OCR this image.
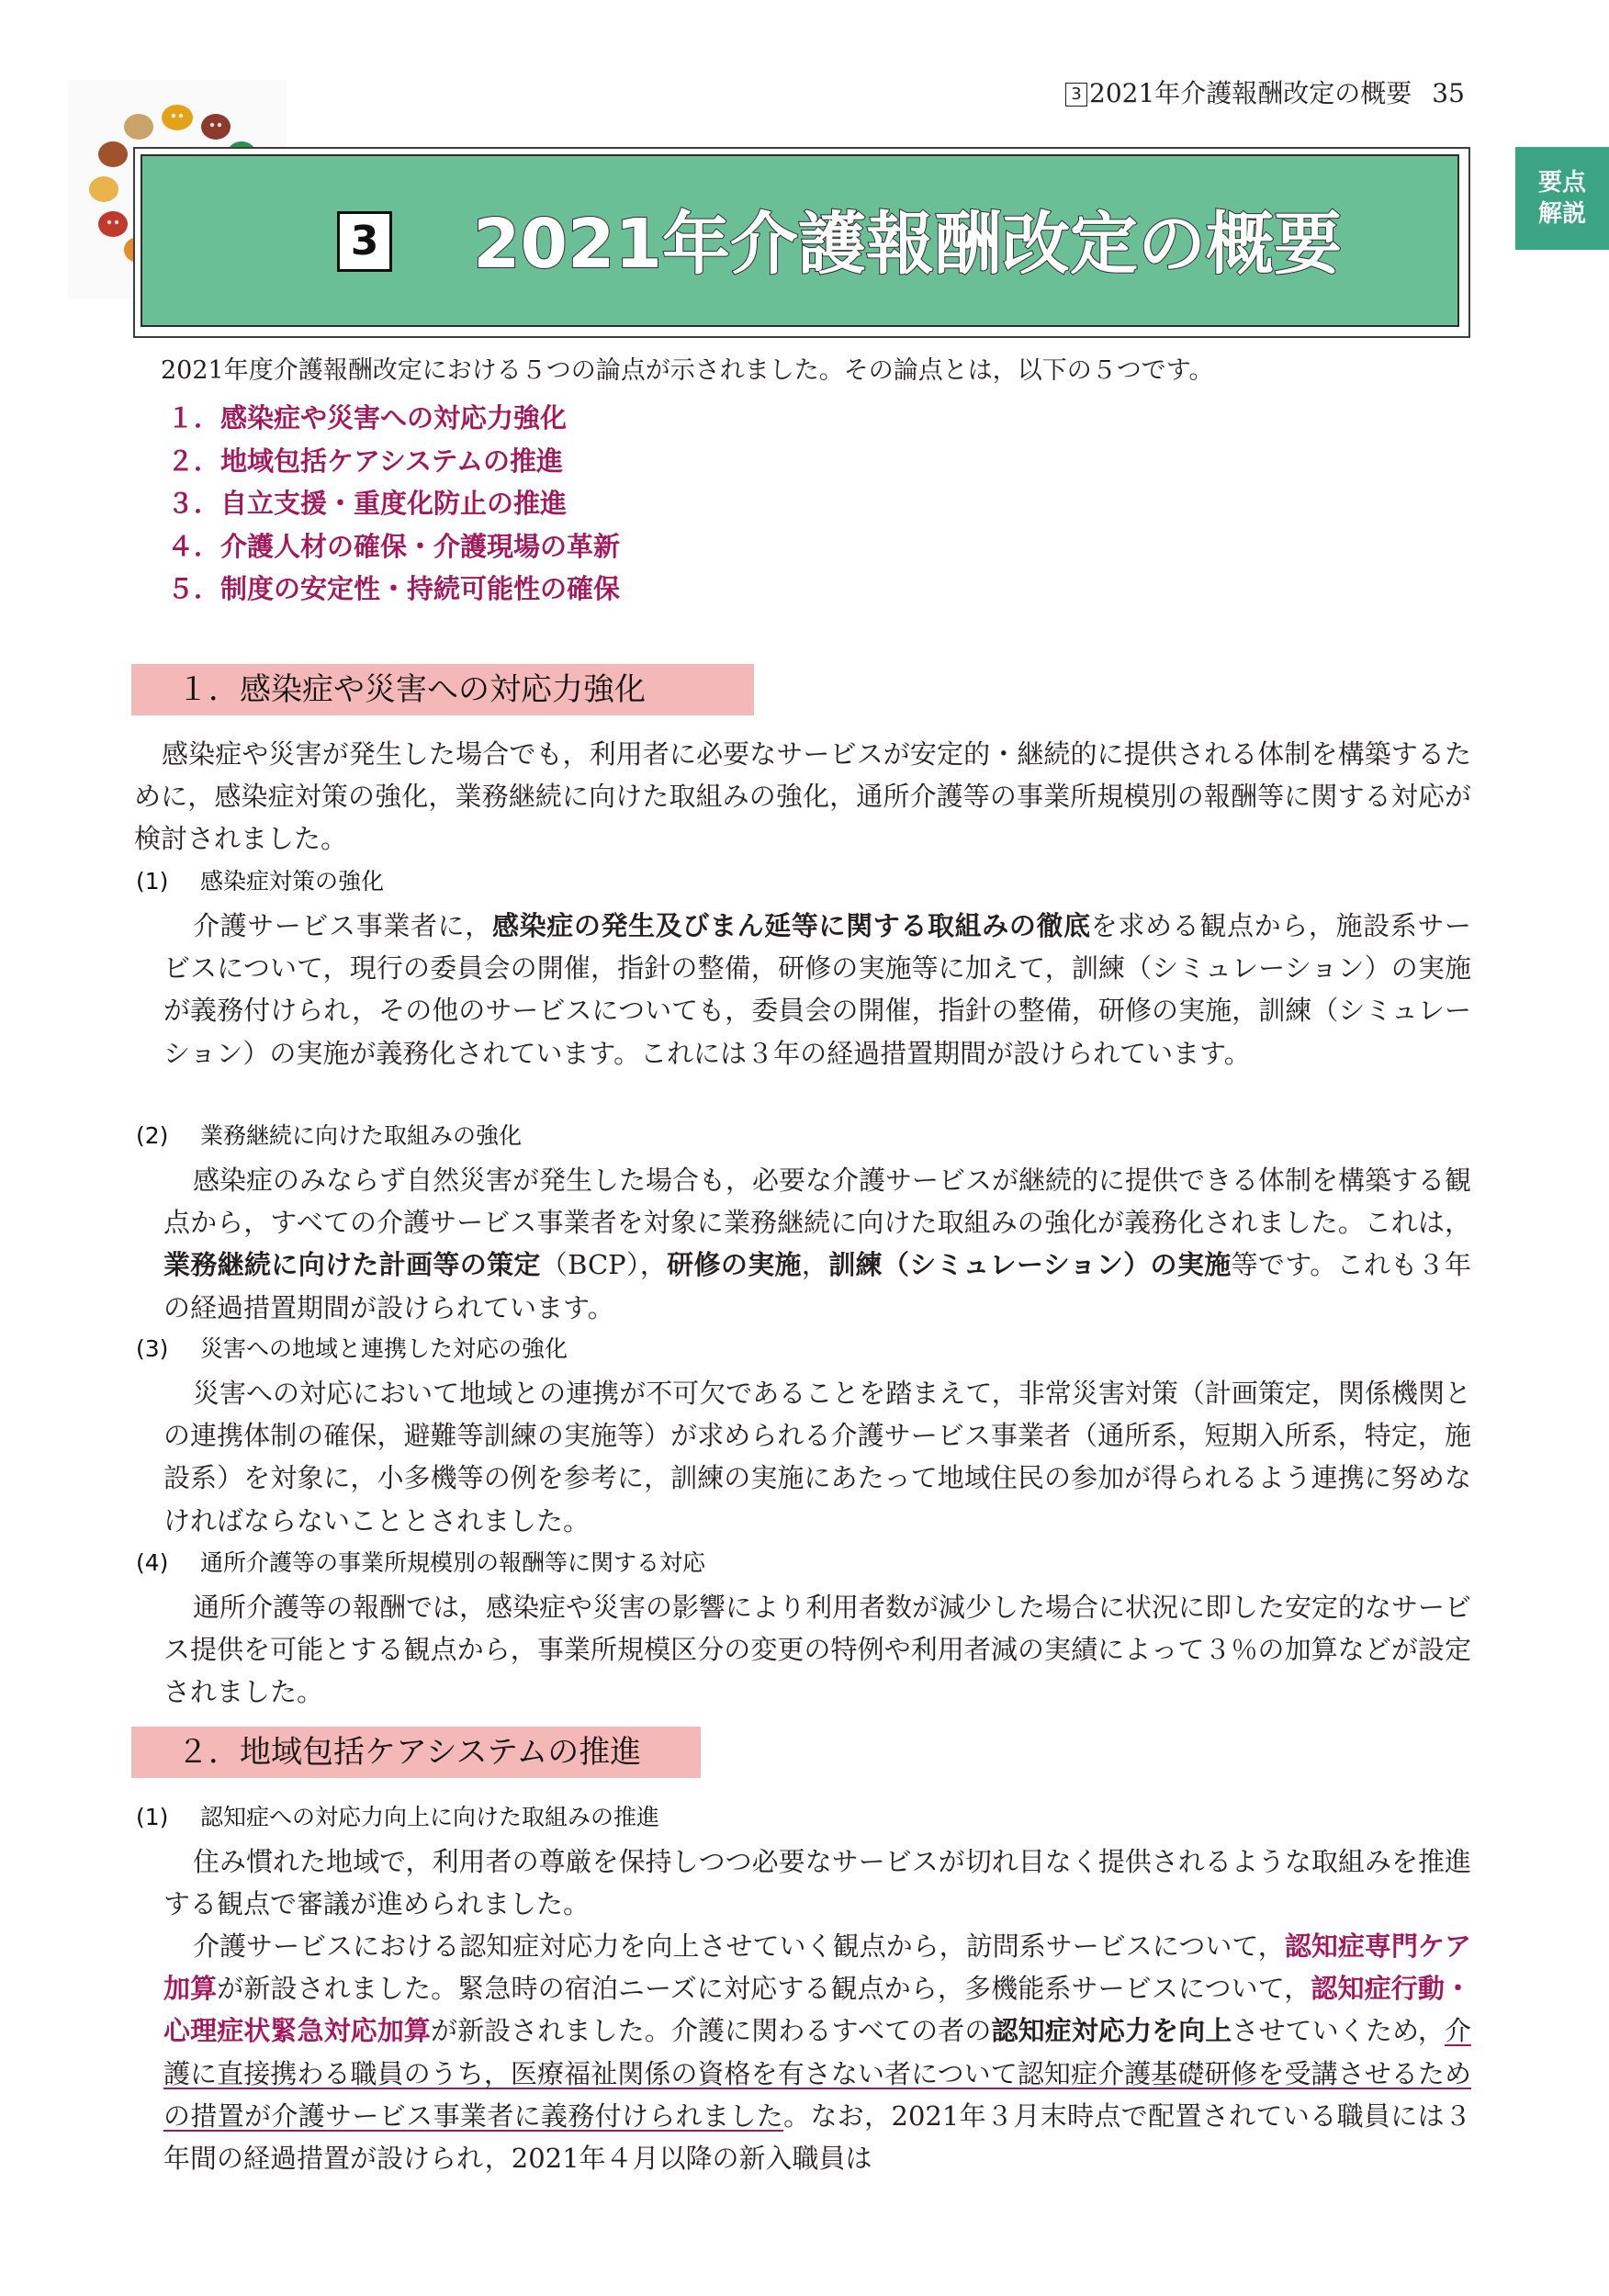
3 2021年介護報酬改定の概要 35
要点
解説
3 2021年介護報酬改定の概要

2021年度介護報酬改定における５つの論点が示されました。その論点とは，以下の５つです。

１．感染症や災害への対応力強化
２．地域包括ケアシステムの推進
３．自立支援・重度化防止の推進
４．介護人材の確保・介護現場の革新
５．制度の安定性・持続可能性の確保
１．感染症や災害への対応力強化

感染症や災害が発生した場合でも，利用者に必要なサービスが安定的・継続的に提供される体制を構築するために，感染症対策の強化，業務継続に向けた取組みの強化，通所介護等の事業所規模別の報酬等に関する対応が検討されました。

(1) 感染症対策の強化

介護サービス事業者に，感染症の発生及びまん延等に関する取組みの徹底を求める観点から，施設系サービスについて，現行の委員会の開催，指針の整備，研修の実施等に加えて，訓練（シミュレーション）の実施が義務付けられ，その他のサービスについても，委員会の開催，指針の整備，研修の実施，訓練（シミュレーション）の実施が義務化されています。これには３年の経過措置期間が設けられています。

(2) 業務継続に向けた取組みの強化

感染症のみならず自然災害が発生した場合も，必要な介護サービスが継続的に提供できる体制を構築する観点から，すべての介護サービス事業者を対象に業務継続に向けた取組みの強化が義務化されました。これは，業務継続に向けた計画等の策定（BCP），研修の実施，訓練（シミュレーション）の実施等です。これも３年の経過措置期間が設けられています。

(3) 災害への地域と連携した対応の強化

災害への対応において地域との連携が不可欠であることを踏まえて，非常災害対策（計画策定，関係機関との連携体制の確保，避難等訓練の実施等）が求められる介護サービス事業者（通所系，短期入所系，特定，施設系）を対象に，小多機等の例を参考に，訓練の実施にあたって地域住民の参加が得られるよう連携に努めなければならないこととされました。

(4) 通所介護等の事業所規模別の報酬等に関する対応

通所介護等の報酬では，感染症や災害の影響により利用者数が減少した場合に状況に即した安定的なサービス提供を可能とする観点から，事業所規模区分の変更の特例や利用者減の実績によって３％の加算などが設定されました。

２．地域包括ケアシステムの推進

(1) 認知症への対応力向上に向けた取組みの推進

住み慣れた地域で，利用者の尊厳を保持しつつ必要なサービスが切れ目なく提供されるような取組みを推進する観点で審議が進められました。

介護サービスにおける認知症対応力を向上させていく観点から，訪問系サービスについて，認知症専門ケア加算が新設されました。緊急時の宿泊ニーズに対応する観点から，多機能系サービスについて，認知症行動・心理症状緊急対応加算が新設されました。介護に関わるすべての者の認知症対応力を向上させていくため，介護に直接携わる職員のうち，医療福祉関係の資格を有さない者について認知症介護基礎研修を受講させるための措置が介護サービス事業者に義務付けられました。なお，2021年３月末時点で配置されている職員には３年間の経過措置が設けられ，2021年４月以降の新入職員は
